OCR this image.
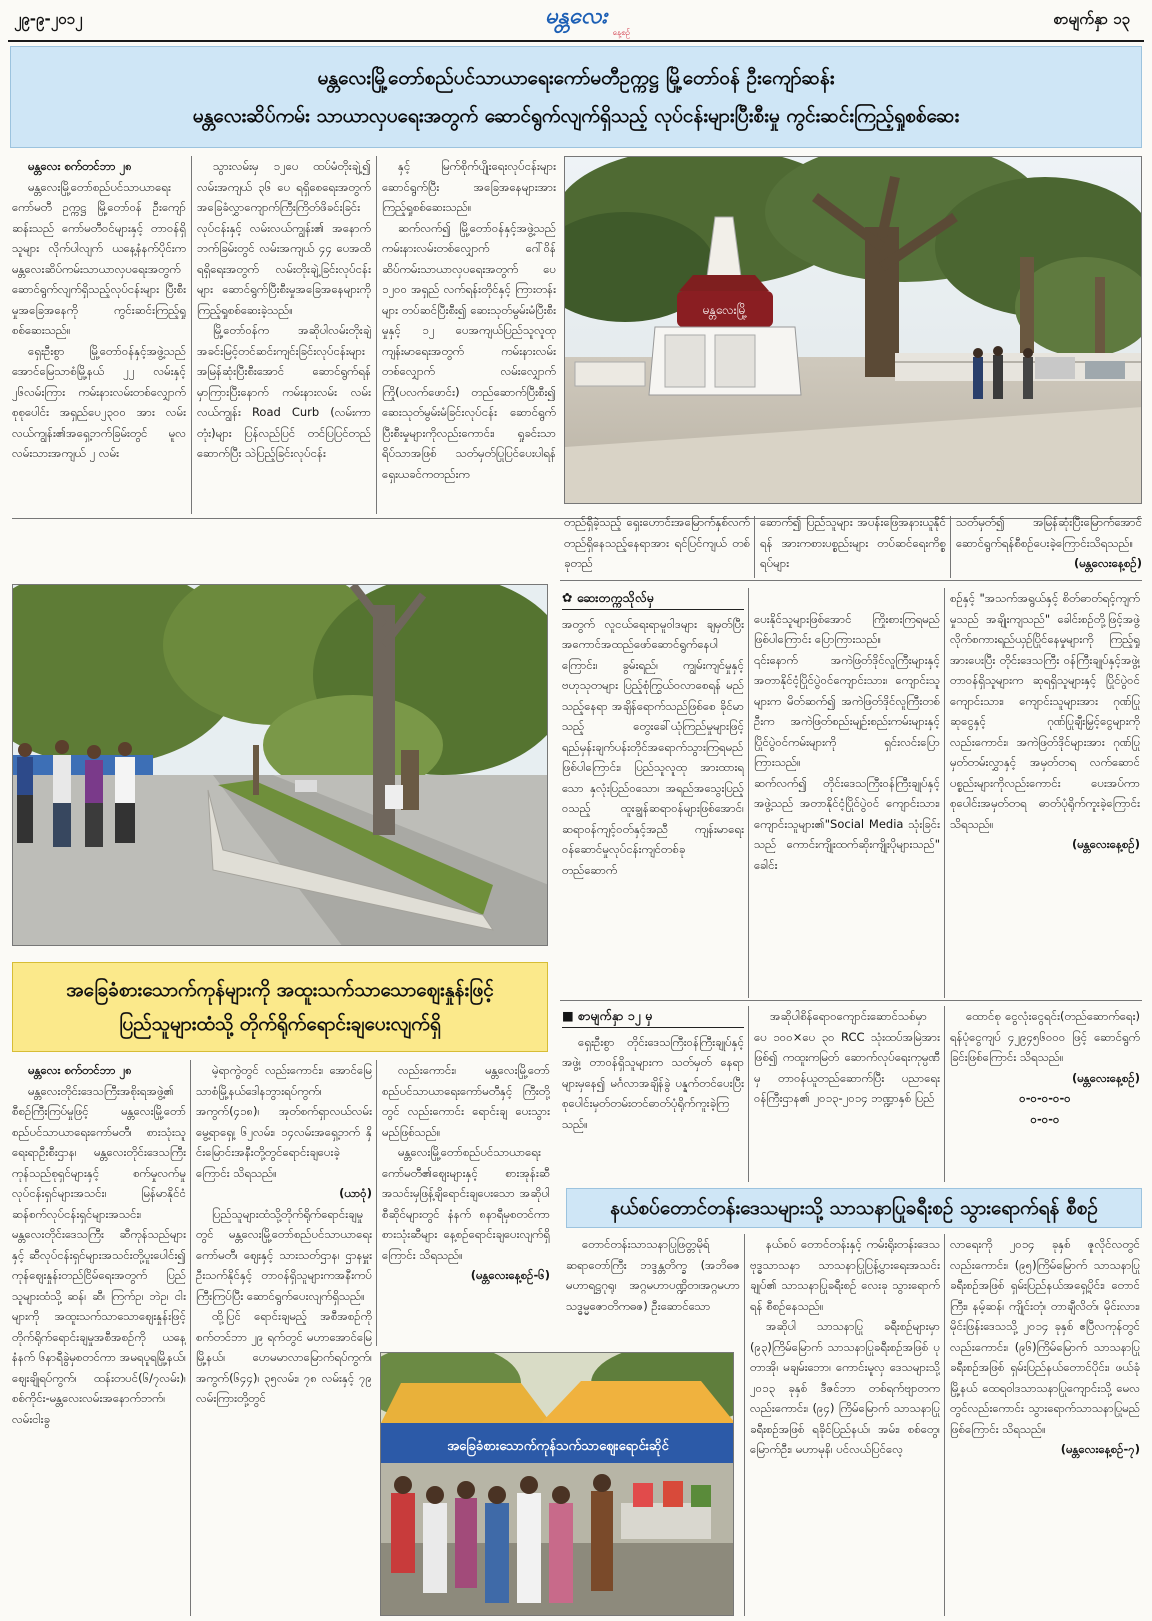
၂၉-၉-၂၀၁၂	မန္တလေး
နေ့စဉ်
စာမျက်နှာ ၁၃

မန္တလေးမြို့တော်စည်ပင်သာယာရေးကော်မတီဥက္ကဋ္ဌ မြို့တော်ဝန် ဦးကျော်ဆန်း

မန္တလေးဆိပ်ကမ်း သာယာလှပရေးအတွက် ဆောင်ရွက်လျက်ရှိသည့် လုပ်ငန်းများပြီးစီးမှု ကွင်းဆင်းကြည့်ရှုစစ်ဆေး

မန္တလေး စက်တင်ဘာ ၂၈

မန္တလေးမြို့တော်စည်ပင်သာယာရေးကော်မတီ ဥက္ကဋ္ဌ မြို့တော်ဝန် ဦးကျော်ဆန်းသည် ကော်မတီဝင်များနှင့် တာဝန်ရှိသူများ လိုက်ပါလျက် ယနေ့နံနက်ပိုင်းက မန္တလေးဆိပ်ကမ်းသာယာလှပရေးအတွက် ဆောင်ရွက်လျက်ရှိသည့်လုပ်ငန်းများ ပြီးစီးမှုအခြေအနေကို ကွင်းဆင်းကြည့်ရှုစစ်ဆေးသည်။

ရှေးဦးစွာ မြို့တော်ဝန်နှင့်အဖွဲ့သည် အောင်မြေသာစံမြို့နယ် ၂၂ လမ်းနှင့် ၂၆လမ်းကြား ကမ်းနားလမ်းတစ်လျှောက် စုစုပေါင်း အရှည်ပေ၂၃၀၀ အား လမ်းလယ်ကျွန်း၏အရှေ့ဘက်ခြမ်းတွင် မူလလမ်းသားအကျယ် ၂ လမ်း

သွားလမ်းမှ ၁၂ပေ ထပ်မံတိုးချဲ့၍ လမ်းအကျယ် ၃၆ ပေ ရရှိစေရေးအတွက် အခြေခံလွှာကျောက်ကြီးကြိတ်ဖိခင်းခြင်းလုပ်ငန်းနှင့် လမ်းလယ်ကျွန်း၏ အနောက်ဘက်ခြမ်းတွင် လမ်းအကျယ် ၄၄ ပေအထိ ရရှိရေးအတွက် လမ်းတိုးချဲ့ခြင်းလုပ်ငန်းများ ဆောင်ရွက်ပြီးစီးမှုအခြေအနေများကို ကြည့်ရှုစစ်ဆေးခဲ့သည်။

မြို့တော်ဝန်က အဆိုပါလမ်းတိုးချဲ့အခင်းမြင့်တင်ဆင်းကျင်းခြင်းလုပ်ငန်းများအမြန်ဆုံးပြီးစီးအောင် ဆောင်ရွက်ရန်မှာကြားပြီးနောက် ကမ်းနားလမ်း လမ်းလယ်ကျွန်း Road Curb (လမ်းကာတုံး)များ ပြန်လည်ပြင် တင်ပြပြင်တည် ဆောက်ပြီး သဲပြည့်ခြင်းလုပ်ငန်း

နှင့် မြက်စိုက်ပျိုးရေးလုပ်ငန်းများ ဆောင်ရွက်ပြီး အခြေအနေများအား ကြည့်ရှုစစ်ဆေးသည်။

ဆက်လက်၍ မြို့တော်ဝန်နှင့်အဖွဲ့သည် ကမ်းနားလမ်းတစ်လျှောက် ဂေါ်ဝိန်ဆိပ်ကမ်းသာယာလှပရေးအတွက် ပေ ၁၂၀၀ အရှည် လက်ရန်းတိုင်နှင့် ကြားတန်းများ တပ်ဆင်ပြီးစီး၍ ဆေးသုတ်မွမ်းမံပြီးစီးမှုနှင့် ၁၂ ပေအကျယ်ပြည်သူလူထုကျန်းမာရေးအတွက် ကမ်းနားလမ်းတစ်လျှောက် လမ်းလျှောက်ကြို(ပလက်ဖောင်း) တည်ဆောက်ပြီးစီး၍ ဆေးသုတ်မွမ်းမံခြင်းလုပ်ငန်း ဆောင်ရွက်ပြီးစီးမှုများကိုလည်းကောင်း၊ ရှုခင်းသာရိပ်သာအဖြစ် သတ်မှတ်ပြုပြင်ပေးပါရန် ရှေးယခင်ကတည်းက

မန္တလေးမြို့

တည်ရှိခဲ့သည့် ရှေးဟောင်းအမြောက်နှစ်လက် တည်ရှိနေသည့်နေရာအား ရင်ပြင်ကျယ် တစ်ခုတည်

ဆောက်၍ ပြည်သူများ အပန်းဖြေအနားယူနိုင်ရန် အားကစားပစ္စည်းများ တပ်ဆင်ရေးကိစ္စရပ်များ

သတ်မှတ်၍ အမြန်ဆုံးပြီးမြောက်အောင်ဆောင်ရွက်ရန်စီစဉ်ပေးခဲ့ကြောင်းသိရသည်။

(မန္တလေးနေ့စဉ်)

✿ ဆေးတက္ကသိုလ်မှ

အတွက် လူငယ်ရေးရာမူဝါဒများ ချမှတ်ပြီး အကောင်အထည်ဖော်ဆောင်ရွက်နေပါကြောင်း၊ ခွမ်းရည်၊ ကျွမ်းကျင်မှုနှင့် ဗဟုသုတများ ပြည့်စုံကြွယ်ဝလာစေရန် မည်သည့်နေရာ အချိန်ရောက်သည်ဖြစ်စေ ခိုင်မာသည့် တွေးခေါ်ယုံကြည်မှုများဖြင့် ရည်မှန်းချက်ပန်းတိုင်အရောက်သွားကြရမည်ဖြစ်ပါကြောင်း၊ ပြည်သူလူထု အားထားရသော နှလုံးပြည်ဝသော၊ အရည်အသွေးပြည့်ဝသည့် ထူးချွန်ဆရာဝန်များဖြစ်အောင်၊ ဆရာဝန်ကျင့်ဝတ်နှင့်အညီ ကျန်းမာရေးဝန်ဆောင်မှုလုပ်ငန်းကျင်တစ်ခု တည်ဆောက်

ပေးနိုင်သူများဖြစ်အောင် ကြိုးစားကြရမည် ဖြစ်ပါကြောင်း ပြောကြားသည်။
၎င်းနောက် အကဲဖြတ်ဒိုင်လူကြီးများနှင့် အတာနိုင်ငံ့ပြိုင်ပွဲဝင်ကျောင်းသား၊ ကျောင်းသူများက မိတ်ဆက်၍ အကဲဖြတ်ဒိုင်လူကြီးတစ်ဦးက အကဲဖြတ်စည်းမျဉ်းစည်းကမ်းများနှင့် ပြိုင်ပွဲဝင်ကမ်းများကို ရှင်းလင်းပြောကြားသည်။
ဆက်လက်၍ တိုင်းဒေသကြီးဝန်ကြီးချုပ်နှင့်အဖွဲ့သည် အတာနိုင်ငံ့ပြိုင်ပွဲဝင် ကျောင်းသား၊ ကျောင်းသူများ၏"Social Media သုံးခြင်းသည် ကောင်းကျိုးထက်ဆိုးကျိုးပိုများသည်" ခေါင်း

စဉ်နှင့် "အသက်အရွယ်နှင့် စိတ်ဓာတ်ရင့်ကျက်မှုသည် အချိုးကျသည်" ခေါင်းစဉ်တို့ဖြင့်အဖွဲ့လိုက်စကားရည်ယှဉ်ပြိုင်နေမှုများကို ကြည့်ရှုအားပေးပြီး တိုင်းဒေသကြီး ဝန်ကြီးချုပ်နှင့်အဖွဲ့၊ တာဝန်ရှိသူများက ဆုရရှိသူများနှင့် ပြိုင်ပွဲဝင် ကျောင်းသား၊ ကျောင်းသူများအား ဂုဏ်ပြုဆုငွေနှင့် ဂုဏ်ပြုချီးမြှင့်ငွေများကိုလည်းကောင်း၊ အကဲဖြတ်ဒိုင်များအား ဂုဏ်ပြုမှတ်တမ်းလွှာနှင့် အမှတ်တရ လက်ဆောင်ပစ္စည်းများကိုလည်းကောင်း ပေးအပ်ကာ စုပေါင်းအမှတ်တရ ဓာတ်ပုံရိုက်ကူးခဲ့ကြောင်း သိရသည်။

(မန္တလေးနေ့စဉ်)

■ စာမျက်နှာ ၁၂ မှ

ရှေးဦးစွာ တိုင်းဒေသကြီးဝန်ကြီးချုပ်နှင့်အဖွဲ့၊ တာဝန်ရှိသူများက သတ်မှတ် နေရာများမှနေ၍ မင်္ဂလာအချိန်ခွဲ ပန္နက်တင်ပေးပြီး စုပေါင်းမှတ်တမ်းတင်ဓာတ်ပုံရိုက်ကူးခဲ့ကြသည်။

အဆိုပါစိန်ရောဝကျောင်းဆောင်သစ်မှာ ပေ ၁၀၀×ပေ ၃၀ RCC သုံးထပ်အမြဲအားဖြစ်၍ ကထူးကမြတ် ဆောက်လုပ်ရေးကုမ္ပဏီမှ တာဝန်ယူတည်ဆောက်ပြီး ပညာရေးဝန်ကြီးဌာန၏ ၂၀၁၃-၂၀၁၄ ဘဏ္ဍာနှစ် ပြည်

ထောင်စု ငွေလုံးငွေရင်း(တည်ဆောက်ရေး) ရန်ပုံငွေကျပ် ၄၂၉၄၅၆၀၀၀ ဖြင့် ဆောင်ရွက်ခြင်းဖြစ်ကြောင်း သိရသည်။

(မန္တလေးနေ့စဉ်)

၀-၀-၀-၀-၀

၀-၀-၀

အခြေခံစားသောက်ကုန်များကို အထူးသက်သာသောဈေးနှုန်းဖြင့်

ပြည်သူများထံသို့ တိုက်ရိုက်ရောင်းချပေးလျက်ရှိ

မန္တလေး စက်တင်ဘာ ၂၈

မန္တလေးတိုင်းဒေသကြီးအစိုးရအဖွဲ့၏ စီစဉ်ကြီးကြပ်မှုဖြင့် မန္တလေးမြို့တော်စည်ပင်သာယာရေးကော်မတီ၊ စားသုံးသူရေးရာဦးစီးဌာန၊ မန္တလေးတိုင်းဒေသကြီးကုန်သည်စုရှင်များနှင့် စက်မှုလက်မှုလုပ်ငန်းရှင်များအသင်း၊ မြန်မာနိုင်ငံဆန်စက်လုပ်ငန်းရှင်များအသင်း၊ မန္တလေးတိုင်းဒေသကြီး ဆီကုန်သည်များနှင့် ဆီလုပ်ငန်းရှင်များအသင်းတို့ပူးပေါင်း၍ ကုန်ဈေးနှုန်းတည်ငြိမ်ရေးအတွက် ပြည်သူများထံသို့ ဆန်၊ ဆီ၊ ကြက်ဥ၊ ဘဲဥ၊ ငါးများကို အထူးသက်သာသောဈေးနှုန်းဖြင့် တိုက်ရိုက်ရောင်းချမှုအစီအစဉ်ကို ယနေ့ နံနက် ၆နာရီခွဲမှစတင်ကာ အမရပူရမြို့နယ်၊ ဈေးချိုရပ်ကွက်၊ ထန်းတပင်(၆/၇လမ်း)၊ စစ်ကိုင်း-မန္တလေးလမ်းအနောက်ဘက်၊ လမ်းငါးခွ

မဲ့ရာကွဲတွင် လည်းကောင်း၊ အောင်မြေသာစံမြို့နယ်ဒေါနဘွားရပ်ကွက်၊ အကွက်(၄၁၈)၊ အုတ်စက်ရှာလယ်လမ်း မွေ့ရာရှေ့၊ ၆၂လမ်း၊ ၁၄လမ်းအရှေ့ဘက် နှိင်းမြောင်းအနီးတို့တွင်ရောင်းချပေးခဲ့ကြောင်း သိရသည်။

(ယာဝုံ)

ပြည်သူများထံသို့တိုက်ရိုက်ရောင်းချမှုတွင် မန္တလေးမြို့တော်စည်ပင်သာယာရေးကော်မတီ၊ ဈေးနှင့် သားသတ်ဌာန၊ ဌာနမှူးဦးသက်နိုင်နှင့် တာဝန်ရှိသူများကအနီးကပ် ကြီးကြပ်ပြီး ဆောင်ရွက်ပေးလျက်ရှိသည်။

ထို့ပြင် ရောင်းချမည့် အစီအစဉ်ကို စက်တင်ဘာ ၂၉ ရက်တွင် မဟာအောင်မြေမြို့နယ်၊ ဟေမမာလာမြောက်ရပ်ကွက်၊ အကွက်(၆၄၄)၊ ၃၅လမ်း၊ ၇၈ လမ်းနှင့် ၇၉ လမ်းကြားတို့တွင်

လည်းကောင်း၊ မန္တလေးမြို့တော်စည်ပင်သာယာရေးကော်မတီနှင့် ကြီးတို့ တွင် လည်းကောင်း ရောင်းချ ပေးသွားမည်ဖြစ်သည်။

မန္တလေးမြို့တော်စည်ပင်သာယာရေးကော်မတီ၏ဈေးများနှင့် စားအုန်းဆီအသင်းမှဖြန့်ချိရောင်းချပေးသော အဆိုပါစီဆိုင်များတွင် နံနက် ၈နာရီမှစတင်ကာ စားသုံးဆီများ နေ့စဉ်ရောင်းချပေးလျက်ရှိကြောင်း သိရသည်။

(မန္တလေးနေ့စဉ်-၆)

အခြေခံစားသောက်ကုန်သက်သာဈေးရောင်းဆိုင်

နယ်စပ်တောင်တန်းဒေသများသို့ သာသနာပြုခရီးစဉ် သွားရောက်ရန် စီစဉ်

တောင်တန်းသာသနာပြုဖြတ္တမိုရ်ဆရာတော်ကြီး ဘဒ္ဒန္တတိက္ခ (အဘိဓဇမဟာရဋ္ဌဂုရု၊ အဂ္ဂမဟာပဏ္ဍိတ၊အဂ္ဂမဟာသဒ္ဓမ္မဇောတိကဓဇ) ဦးဆောင်သော

နယ်စပ် တောင်တန်းနှင့် ကမ်းရိုးတန်းဒေသ ဗုဒ္ဓသာသနာ သာသနာပြုပြန့်ပွားရေးအသင်းချုပ်၏ သာသနာပြုခရီးစဉ် လေးခု သွားရောက်ရန် စီစဉ်နေသည်။

အဆိုပါ သာသနာပြု ခရီးစဉ်များမှာ (၉၃)ကြိမ်မြောက် သာသနာပြုခရီးစဉ်အဖြစ် ပုတာအို၊ မချမ်းဘော၊ ကောင်းမူလှ ဒေသများသို့ ၂၀၁၃ ခုနှစ် ဒီဇင်ဘာ တစ်ရက်ဗျာတကလည်းကောင်း၊ (၉၄) ကြိမ်မြောက် သာသနာပြုခရီးစဉ်အဖြစ် ရခိုင်ပြည်နယ်၊ အမ်း၊ စစ်တွေ၊ မြောက်ဦး၊ မဟာမုနိ၊ ပင်လယ်ပြင်လေ့

လာရေးကို ၂၀၁၄ ခုနှစ် ဇူလိုင်လတွင်လည်းကောင်း၊ (၉၅)ကြိမ်မြောက် သာသနာပြုခရီးစဉ်အဖြစ် ရှမ်းပြည်နယ်အရှေ့ပိုင်း၊ တောင်ကြီး၊ နမ့်ဆန်၊ ကျိုင်းတုံ၊ တာချီလိတ်၊ မိုင်းလား၊ မိုင်းဖြန်းဒေသသို့ ၂၀၁၄ ခုနှစ် ဧပြီလကုန်တွင် လည်းကောင်း၊ (၉၆)ကြိမ်မြောက် သာသနာပြုခရီးစဉ်အဖြစ် ရှမ်းပြည်နယ်တောင်ပိုင်း၊ ဖယ်ခုံမြို့နယ် ထေရဝါဒသာသနာပြုကျောင်းသို့ မေလတွင်လည်းကောင်း သွားရောက်သာသနာပြုမည်ဖြစ်ကြောင်း သိရသည်။

(မန္တလေးနေ့စဉ်-၇)
